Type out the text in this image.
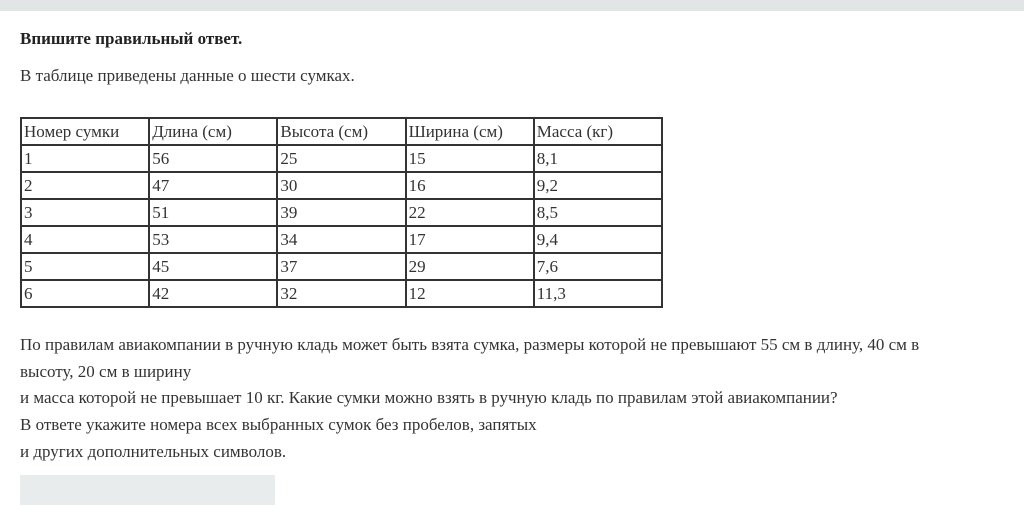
Впишите правильный ответ.
В таблице приведены данные о шести сумках.
Номер сумки	Длина (см)	Высота (см)	Ширина (см)	Масса (кг)
1	56	25	15	8,1
2	47	30	16	9,2
3	51	39	22	8,5
4	53	34	17	9,4
5	45	37	29	7,6
6	42	32	12	11,3
По правилам авиакомпании в ручную кладь может быть взята сумка, размеры которой не превышают 55 см в длину, 40 см в
высоту, 20 см в ширину
и масса которой не превышает 10 кг. Какие сумки можно взять в ручную кладь по правилам этой авиакомпании?
В ответе укажите номера всех выбранных сумок без пробелов, запятых
и других дополнительных символов.
